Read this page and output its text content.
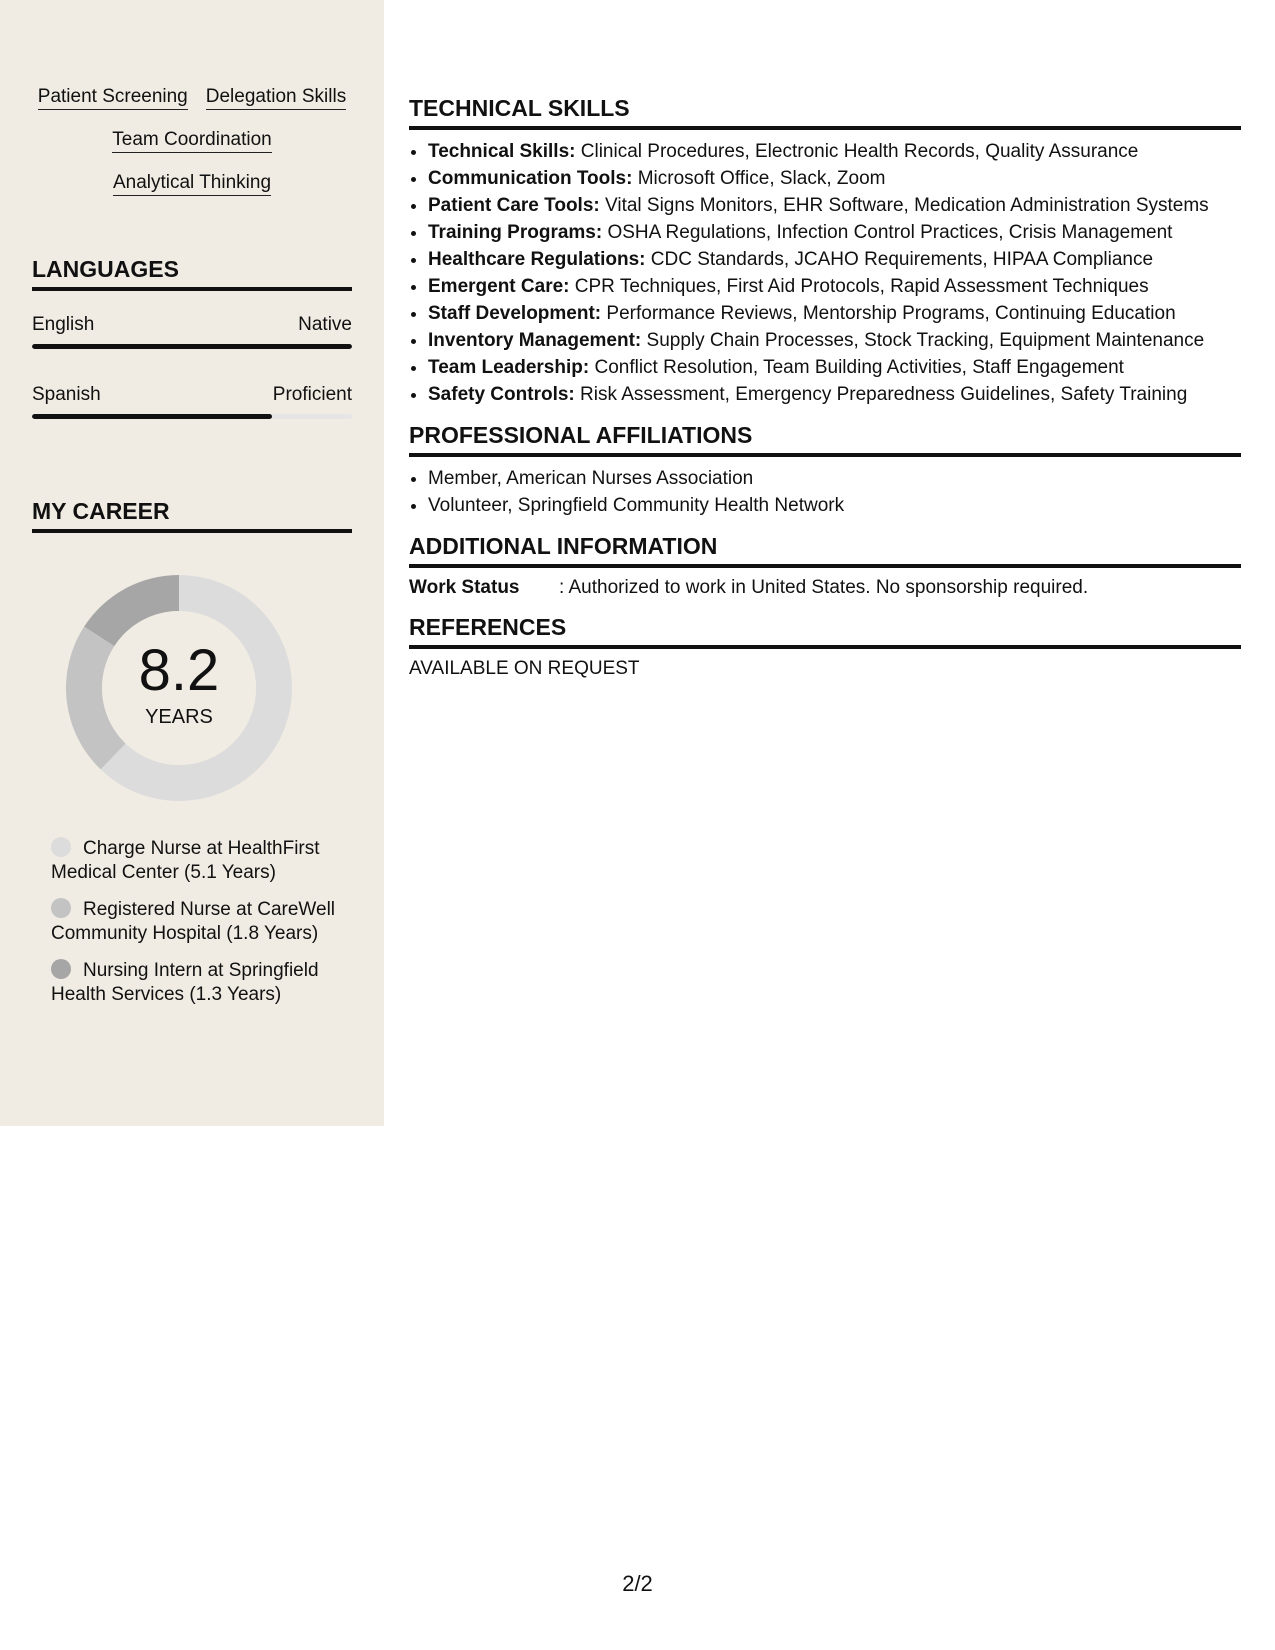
Patient Screening Delegation Skills
Team Coordination
Analytical Thinking
LANGUAGES
English	Native
Spanish	Proficient
MY CAREER
8.2
YEARS
Charge Nurse at HealthFirst Medical Center (5.1 Years)
Registered Nurse at CareWell Community Hospital (1.8 Years)
Nursing Intern at Springfield Health Services (1.3 Years)
TECHNICAL SKILLS
• Technical Skills: Clinical Procedures, Electronic Health Records, Quality Assurance
• Communication Tools: Microsoft Office, Slack, Zoom
• Patient Care Tools: Vital Signs Monitors, EHR Software, Medication Administration Systems
• Training Programs: OSHA Regulations, Infection Control Practices, Crisis Management
• Healthcare Regulations: CDC Standards, JCAHO Requirements, HIPAA Compliance
• Emergent Care: CPR Techniques, First Aid Protocols, Rapid Assessment Techniques
• Staff Development: Performance Reviews, Mentorship Programs, Continuing Education
• Inventory Management: Supply Chain Processes, Stock Tracking, Equipment Maintenance
• Team Leadership: Conflict Resolution, Team Building Activities, Staff Engagement
• Safety Controls: Risk Assessment, Emergency Preparedness Guidelines, Safety Training
PROFESSIONAL AFFILIATIONS
• Member, American Nurses Association
• Volunteer, Springfield Community Health Network
ADDITIONAL INFORMATION
Work Status	: Authorized to work in United States. No sponsorship required.
REFERENCES
AVAILABLE ON REQUEST
2/2
